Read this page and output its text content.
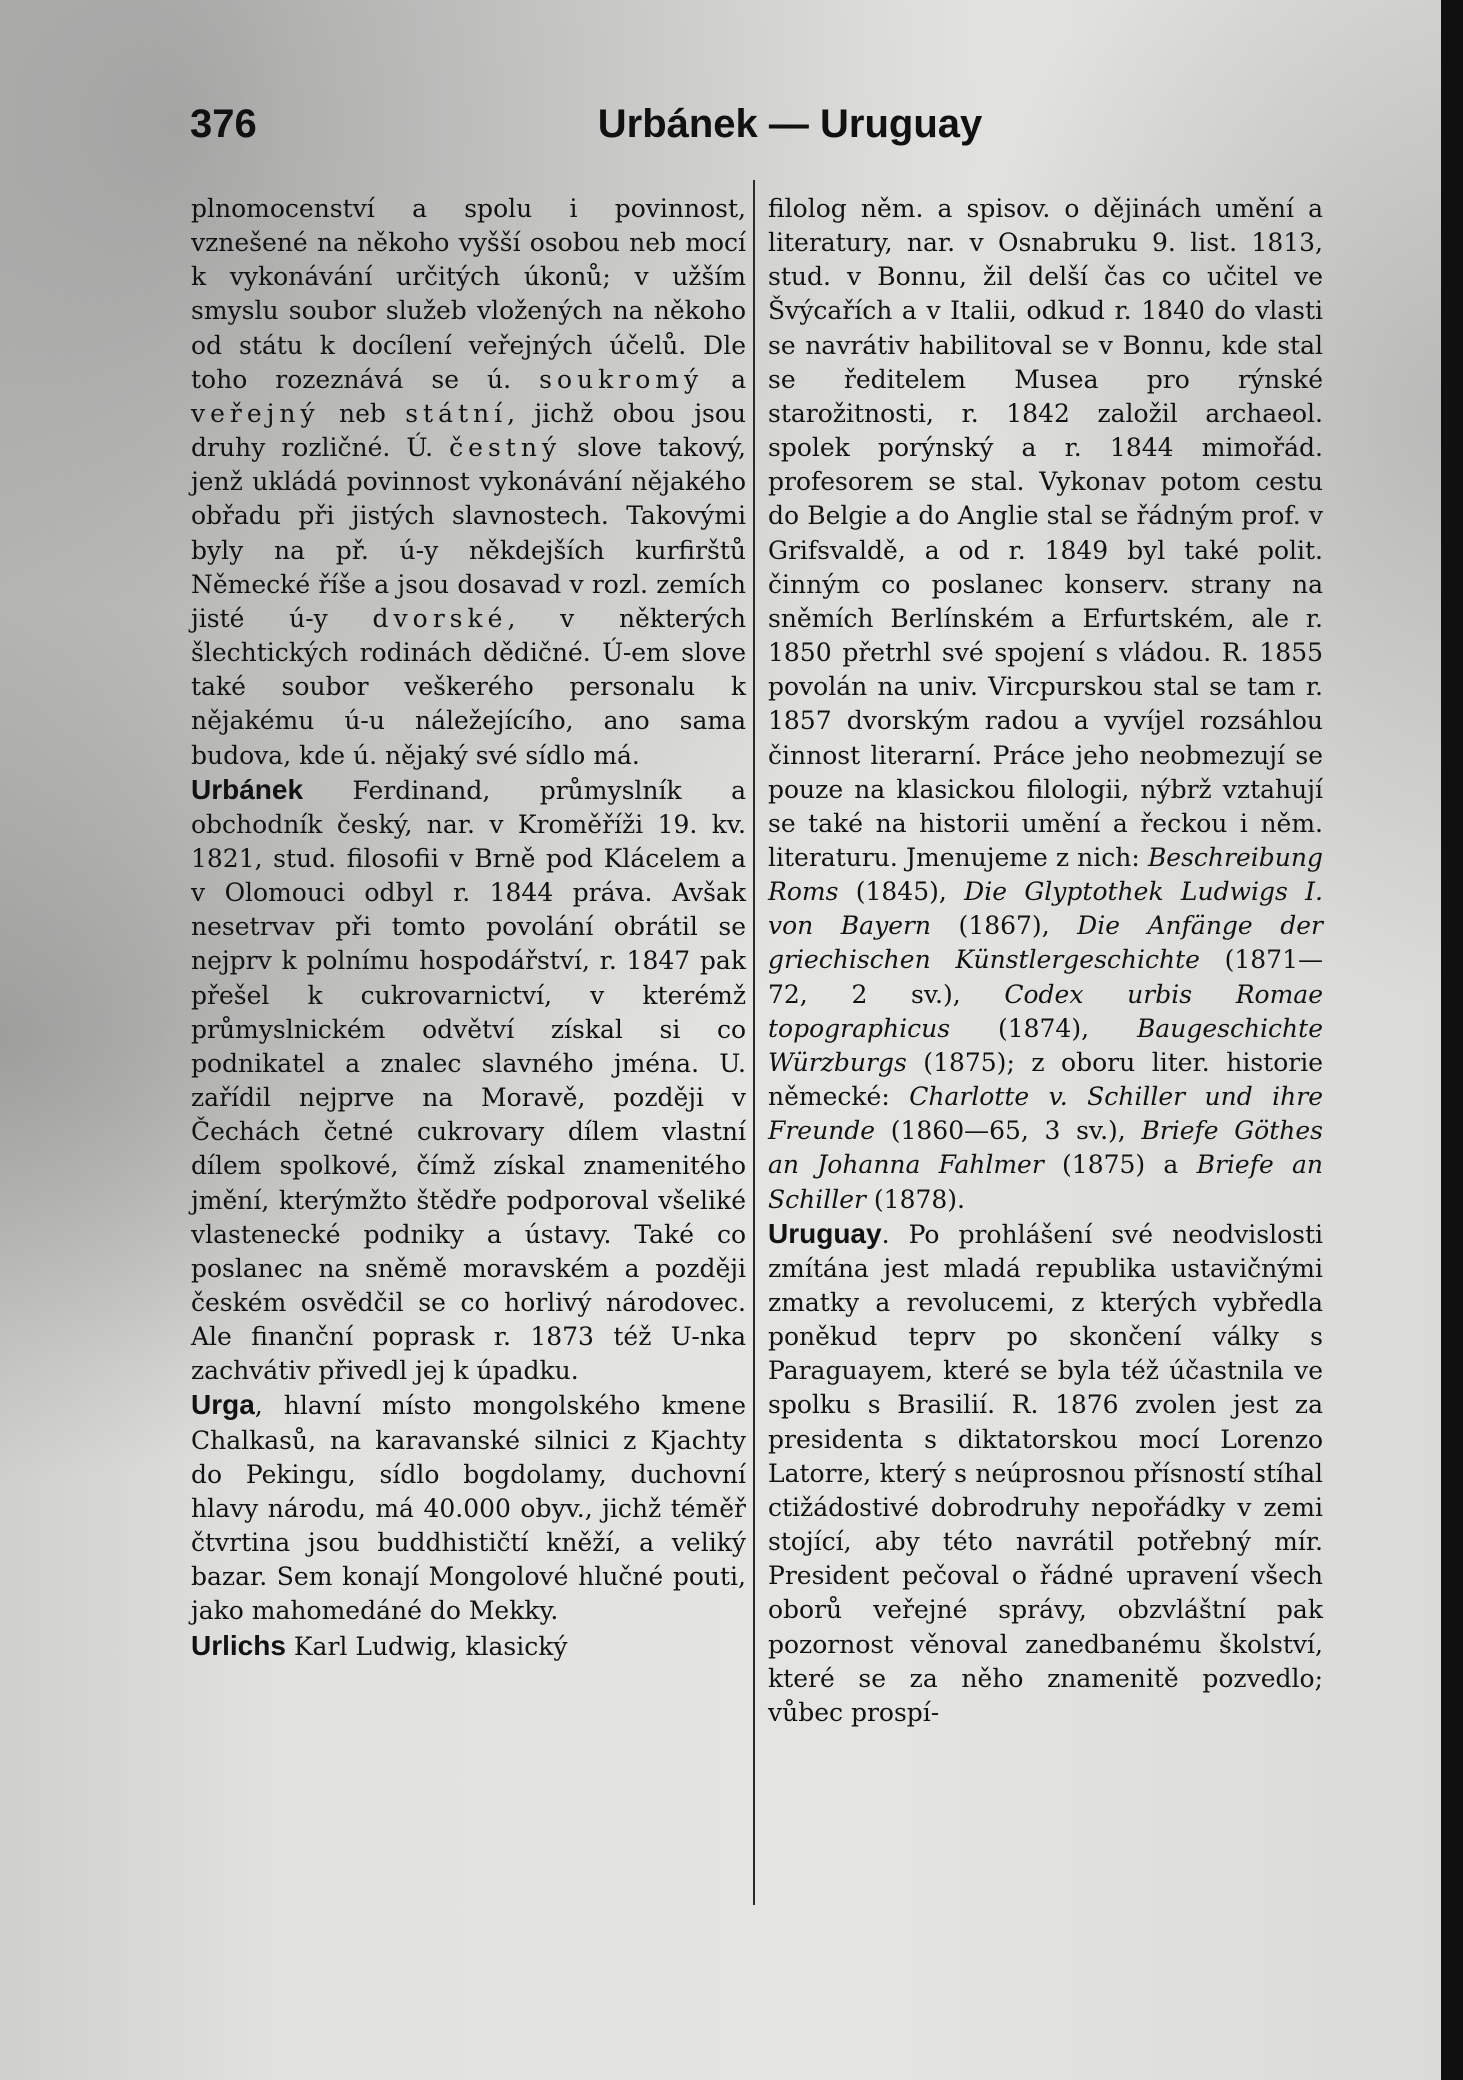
376	Urbánek — Uruguay

plnomocenství a spolu i povinnost, vznešené na někoho vyšší osobou neb mocí k vykonávání určitých úkonů; v užším smyslu soubor služeb vložených na někoho od státu k docílení veřejných účelů. Dle toho rozeznává se ú. soukromý a veřejný neb státní, jichž obou jsou druhy rozličné. Ú. čestný slove takový, jenž ukládá povinnost vykonávání nějakého obřadu při jistých slavnostech. Takovými byly na př. ú-y někdejších kurfirštů Německé říše a jsou dosavad v rozl. zemích jisté ú-y dvorské, v některých šlechtických rodinách dědičné. Ú-em slove také soubor veškerého personalu k nějakému ú-u náležejícího, ano sama budova, kde ú. nějaký své sídlo má.

Urbánek Ferdinand, průmyslník a obchodník český, nar. v Kroměříži 19. kv. 1821, stud. filosofii v Brně pod Klácelem a v Olomouci odbyl r. 1844 práva. Avšak nesetrvav při tomto povolání obrátil se nejprv k polnímu hospodářství, r. 1847 pak přešel k cukrovarnictví, v kterémž průmyslnickém odvětví získal si co podnikatel a znalec slavného jména. U. zařídil nejprve na Moravě, později v Čechách četné cukrovary dílem vlastní dílem spolkové, čímž získal znamenitého jmění, kterýmžto štědře podporoval všeliké vlastenecké podniky a ústavy. Také co poslanec na sněmě moravském a později českém osvědčil se co horlivý národovec. Ale finanční poprask r. 1873 též U-nka zachvátiv přivedl jej k úpadku.

Urga, hlavní místo mongolského kmene Chalkasů, na karavanské silnici z Kjachty do Pekingu, sídlo bogdolamy, duchovní hlavy národu, má 40.000 obyv., jichž téměř čtvrtina jsou buddhističtí kněží, a veliký bazar. Sem konají Mongolové hlučné pouti, jako mahomedáné do Mekky.

Urlichs Karl Ludwig, klasický

filolog něm. a spisov. o dějinách umění a literatury, nar. v Osnabruku 9. list. 1813, stud. v Bonnu, žil delší čas co učitel ve Švýcařích a v Italii, odkud r. 1840 do vlasti se navrátiv habilitoval se v Bonnu, kde stal se ředitelem Musea pro rýnské starožitnosti, r. 1842 založil archaeol. spolek porýnský a r. 1844 mimořád. profesorem se stal. Vykonav potom cestu do Belgie a do Anglie stal se řádným prof. v Grifsvaldě, a od r. 1849 byl také polit. činným co poslanec konserv. strany na sněmích Berlínském a Erfurtském, ale r. 1850 přetrhl své spojení s vládou. R. 1855 povolán na univ. Vircpurskou stal se tam r. 1857 dvorským radou a vyvíjel rozsáhlou činnost literarní. Práce jeho neobmezují se pouze na klasickou filologii, nýbrž vztahují se také na historii umění a řeckou i něm. literaturu. Jmenujeme z nich: Beschreibung Roms (1845), Die Glyptothek Ludwigs I. von Bayern (1867), Die Anfänge der griechischen Künstlergeschichte (1871—72, 2 sv.), Codex urbis Romae topographicus (1874), Baugeschichte Würzburgs (1875); z oboru liter. historie německé: Charlotte v. Schiller und ihre Freunde (1860—65, 3 sv.), Briefe Göthes an Johanna Fahlmer (1875) a Briefe an Schiller (1878).

Uruguay. Po prohlášení své neodvislosti zmítána jest mladá republika ustavičnými zmatky a revolucemi, z kterých vybředla poněkud teprv po skončení války s Paraguayem, které se byla též účastnila ve spolku s Brasilií. R. 1876 zvolen jest za presidenta s diktatorskou mocí Lorenzo Latorre, který s neúprosnou přísností stíhal ctižádostivé dobrodruhy nepořádky v zemi stojící, aby této navrátil potřebný mír. President pečoval o řádné upravení všech oborů veřejné správy, obzvláštní pak pozornost věnoval zanedbanému školství, které se za něho znamenitě pozvedlo; vůbec prospí-
